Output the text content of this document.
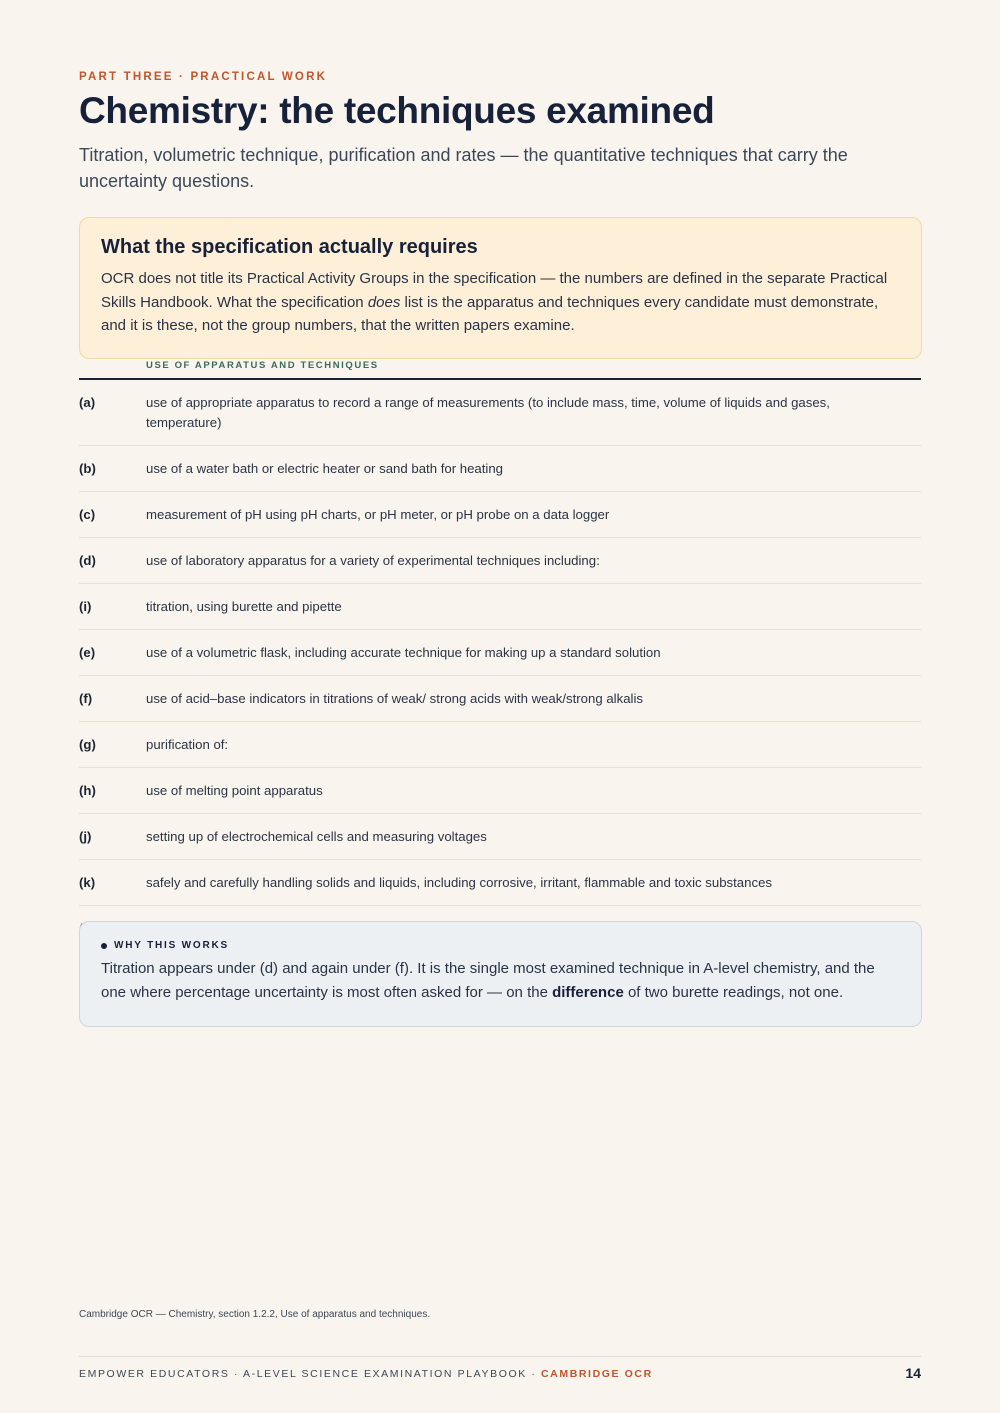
PART THREE · PRACTICAL WORK
Chemistry: the techniques examined

Titration, volumetric technique, purification and rates — the quantitative techniques that carry the uncertainty questions.

What the specification actually requires

OCR does not title its Practical Activity Groups in the specification — the numbers are defined in the separate Practical Skills Handbook. What the specification does list is the apparatus and techniques every candidate must demonstrate, and it is these, not the group numbers, that the written papers examine.

USE OF APPARATUS AND TECHNIQUES
(a)	use of appropriate apparatus to record a range of measurements (to include mass, time, volume of liquids and gases, temperature)
(b)	use of a water bath or electric heater or sand bath for heating
(c)	measurement of pH using pH charts, or pH meter, or pH probe on a data logger
(d)	use of laboratory apparatus for a variety of experimental techniques including:
(i)	titration, using burette and pipette
(e)	use of a volumetric flask, including accurate technique for making up a standard solution
(f)	use of acid–base indicators in titrations of weak/ strong acids with weak/strong alkalis
(g)	purification of:
(h)	use of melting point apparatus
(j)	setting up of electrochemical cells and measuring voltages
(k)	safely and carefully handling solids and liquids, including corrosive, irritant, flammable and toxic substances
WHY THIS WORKS

Titration appears under (d) and again under (f). It is the single most examined technique in A-level chemistry, and the one where percentage uncertainty is most often asked for — on the difference of two burette readings, not one.

Cambridge OCR — Chemistry, section 1.2.2, Use of apparatus and techniques.
EMPOWER EDUCATORS · A-LEVEL SCIENCE EXAMINATION PLAYBOOK · CAMBRIDGE OCR	14
